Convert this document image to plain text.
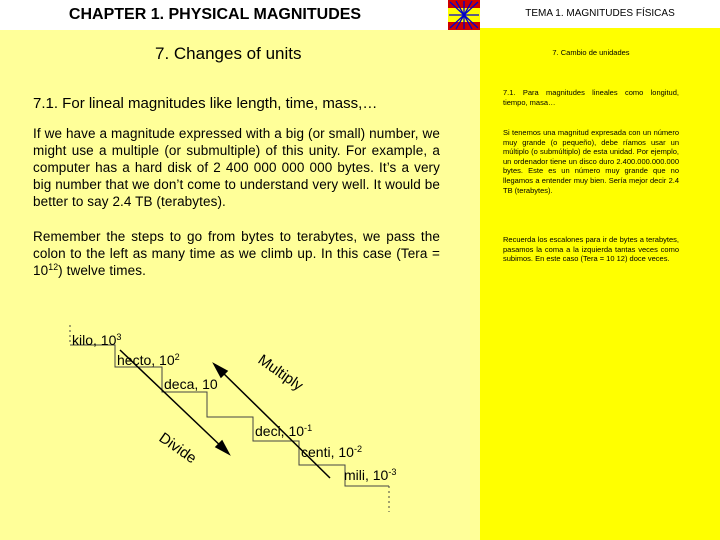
CHAPTER 1. PHYSICAL MAGNITUDES	TEMA 1. MAGNITUDES FÍSICAS
7. Changes of units
7.1. For lineal magnitudes like length, time, mass,…
If we have a magnitude expressed with a big (or small) number, we might use a multiple (or submultiple) of this unity. For example, a computer has a hard disk of 2 400 000 000 000 bytes. It’s a very big number that we don’t come to understand very well. It would be better to say 2.4 TB (terabytes).
Remember the steps to go from bytes to terabytes, we pass the colon to the left as many time as we climb up. In this case (Tera = $10^{12}$) twelve times.
7. Cambio de unidades
7.1. Para magnitudes lineales como longitud, tiempo, masa…
Si tenemos una magnitud expresada con un número muy grande (o pequeño), debe ríamos usar un múltiplo (o submúltiplo) de esta unidad. Por ejemplo, un ordenador tiene un disco duro 2.400.000.000.000 bytes. Este es un número muy grande que no llegamos a entender muy bien. Sería mejor decir 2.4 TB (terabytes).
Recuerda los escalones para ir de bytes a terabytes, pasamos la coma a la izquierda tantas veces como subimos. En este caso (Tera = 10 12) doce veces.
Multiply
Divide
kilo, $10^3$
hecto, $10^2$
deca, 10
deci, $10^{-1}$
centi, $10^{-2}$
mili, $10^{-3}$
